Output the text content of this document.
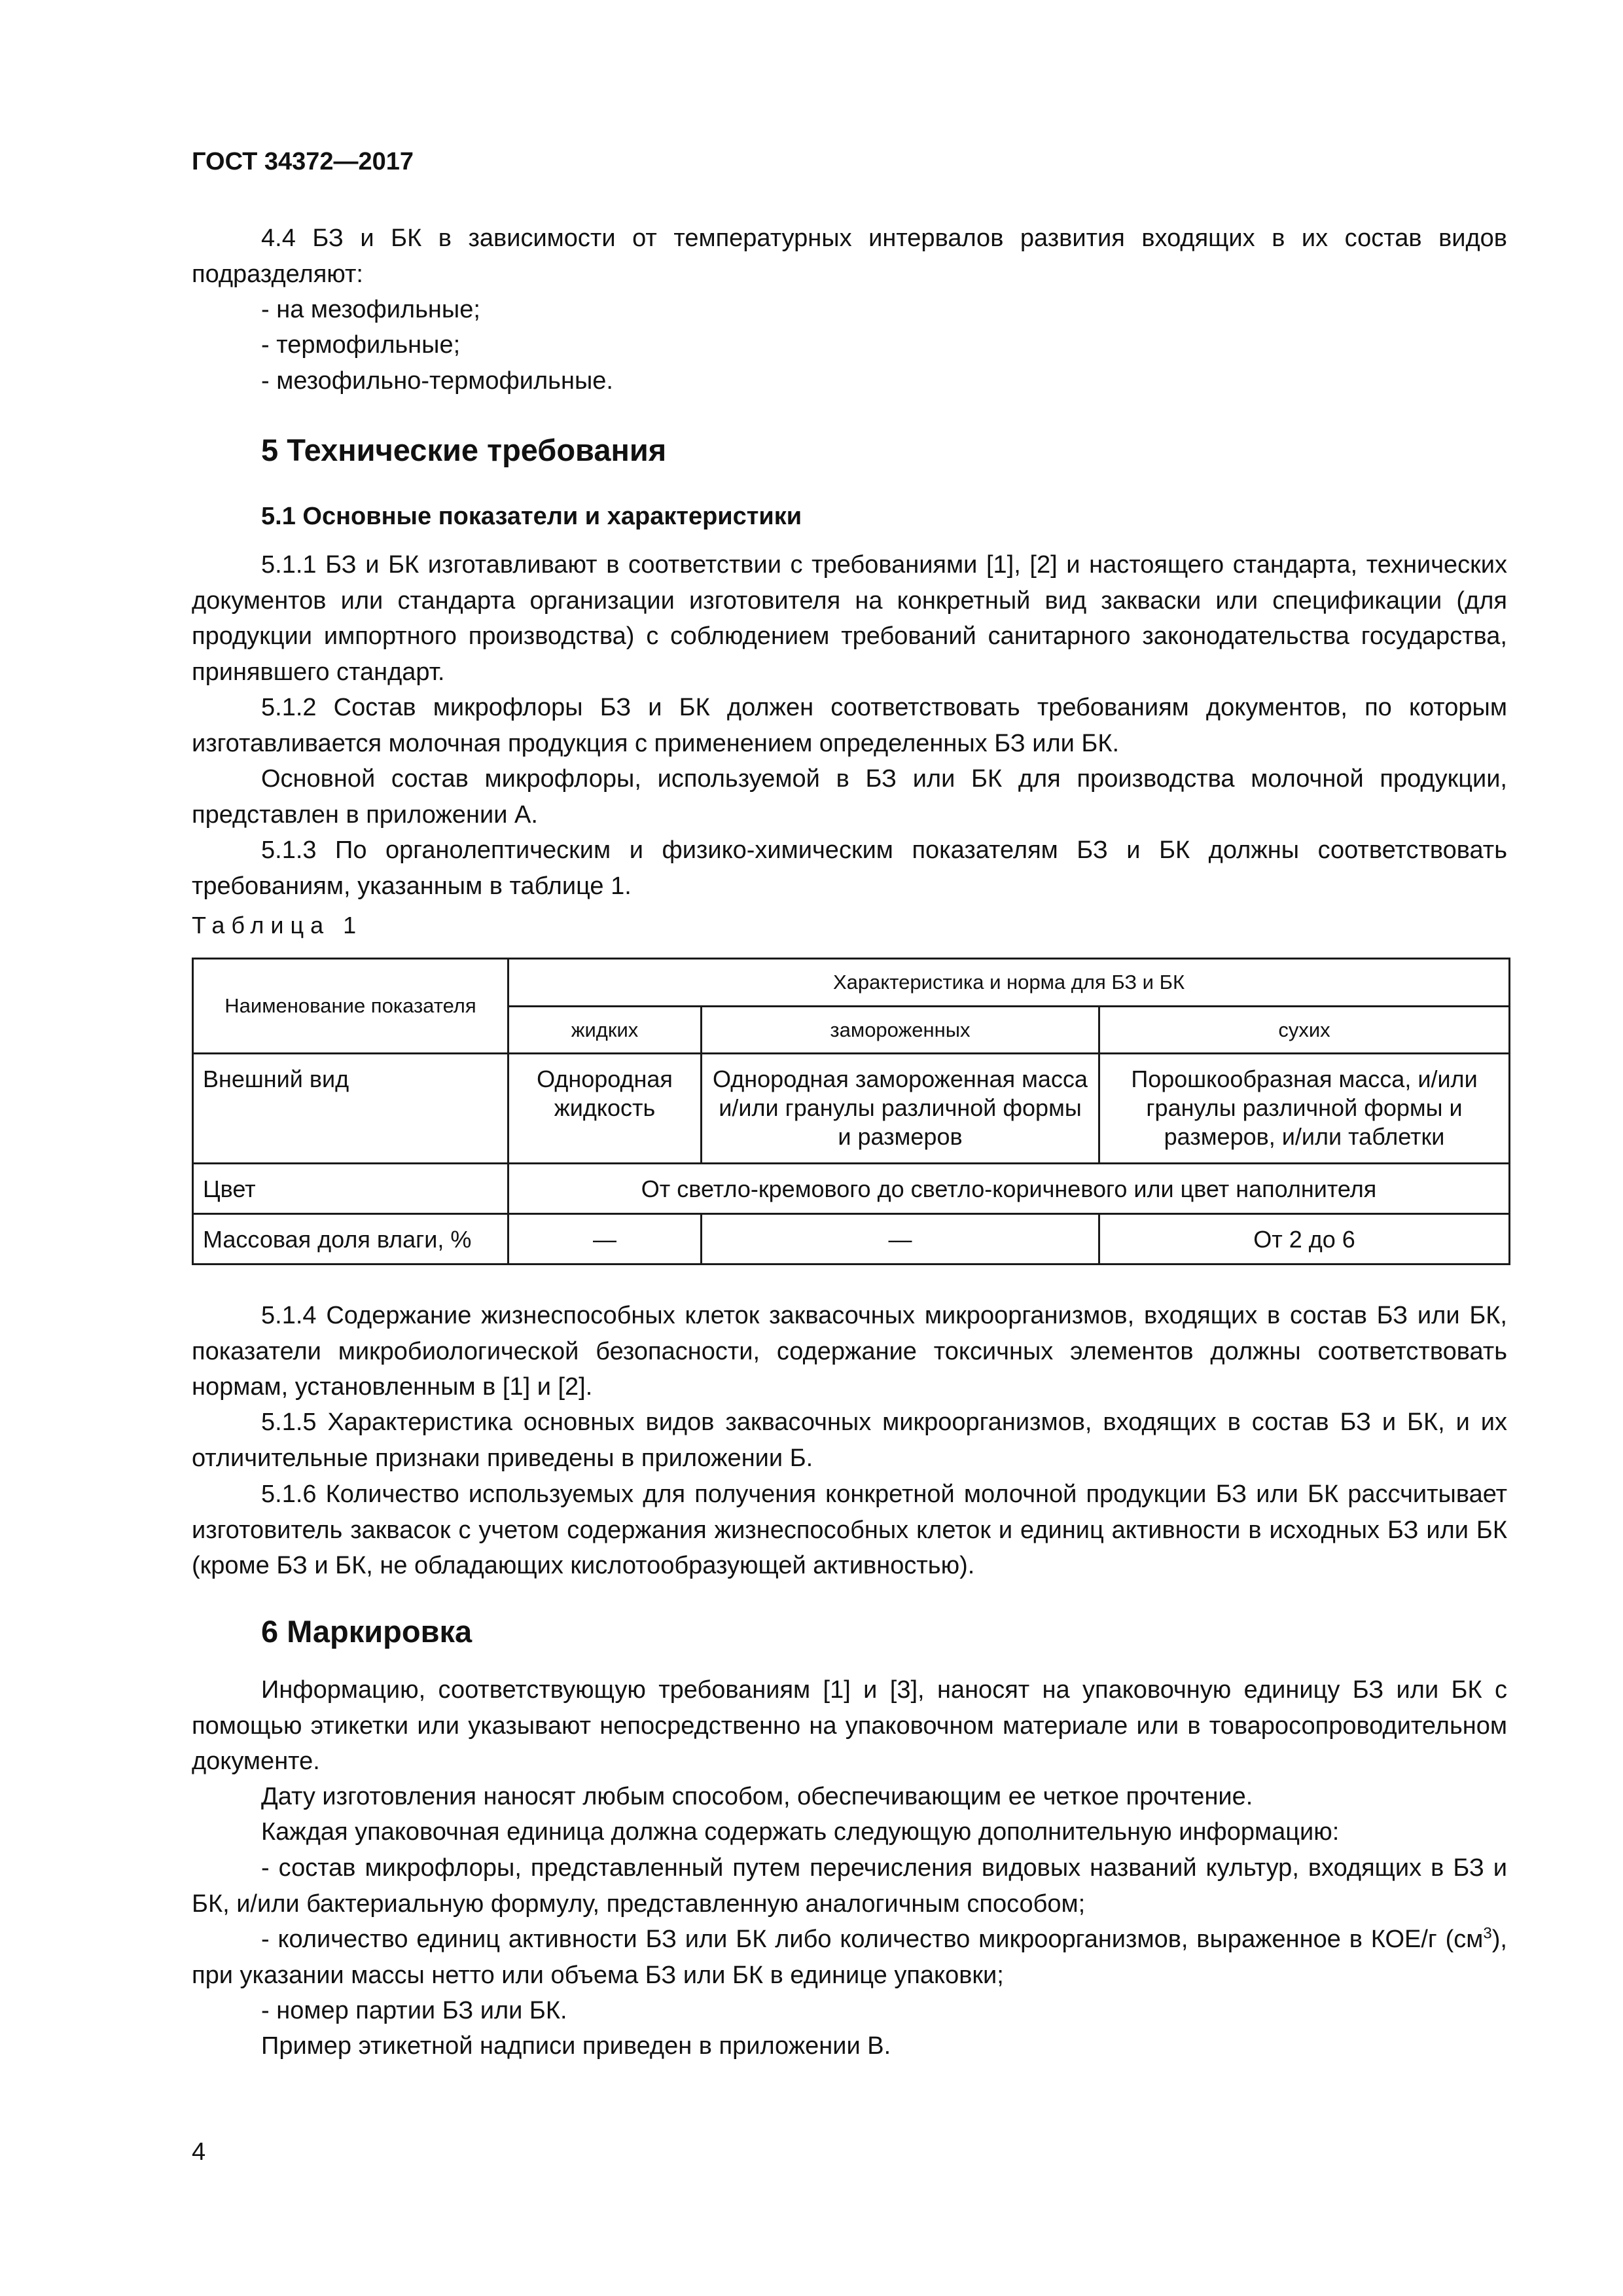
ГОСТ 34372—2017

4.4 БЗ и БК в зависимости от температурных интервалов развития входящих в их состав видов подразделяют:

- на мезофильные;

- термофильные;

- мезофильно-термофильные.

5 Технические требования

5.1 Основные показатели и характеристики

5.1.1 БЗ и БК изготавливают в соответствии с требованиями [1], [2] и настоящего стандарта, технических документов или стандарта организации изготовителя на конкретный вид закваски или спецификации (для продукции импортного производства) с соблюдением требований санитарного законодательства государства, принявшего стандарт.

5.1.2 Состав микрофлоры БЗ и БК должен соответствовать требованиям документов, по которым изготавливается молочная продукция с применением определенных БЗ или БК.

Основной состав микрофлоры, используемой в БЗ или БК для производства молочной продукции, представлен в приложении А.

5.1.3 По органолептическим и физико-химическим показателям БЗ и БК должны соответствовать требованиям, указанным в таблице 1.

Таблица 1

Наименование показателя	Характеристика и норма для БЗ и БК		
	жидких	замороженных	сухих
Внешний вид	Однородная жидкость	Однородная замороженная масса и/или гранулы различной формы и размеров	Порошкообразная масса, и/или гранулы различной формы и размеров, и/или таблетки
Цвет	От светло-кремового до светло-коричневого или цвет наполнителя		
Массовая доля влаги, %	—	—	От 2 до 6

5.1.4 Содержание жизнеспособных клеток заквасочных микроорганизмов, входящих в состав БЗ или БК, показатели микробиологической безопасности, содержание токсичных элементов должны соответствовать нормам, установленным в [1] и [2].

5.1.5 Характеристика основных видов заквасочных микроорганизмов, входящих в состав БЗ и БК, и их отличительные признаки приведены в приложении Б.

5.1.6 Количество используемых для получения конкретной молочной продукции БЗ или БК рассчитывает изготовитель заквасок с учетом содержания жизнеспособных клеток и единиц активности в исходных БЗ или БК (кроме БЗ и БК, не обладающих кислотообразующей активностью).

6 Маркировка

Информацию, соответствующую требованиям [1] и [3], наносят на упаковочную единицу БЗ или БК с помощью этикетки или указывают непосредственно на упаковочном материале или в товаросопроводительном документе.

Дату изготовления наносят любым способом, обеспечивающим ее четкое прочтение.

Каждая упаковочная единица должна содержать следующую дополнительную информацию:

- состав микрофлоры, представленный путем перечисления видовых названий культур, входящих в БЗ и БК, и/или бактериальную формулу, представленную аналогичным способом;

- количество единиц активности БЗ или БК либо количество микроорганизмов, выраженное в КОЕ/г $(см^3)$, при указании массы нетто или объема БЗ или БК в единице упаковки;

- номер партии БЗ или БК.

Пример этикетной надписи приведен в приложении В.

4
